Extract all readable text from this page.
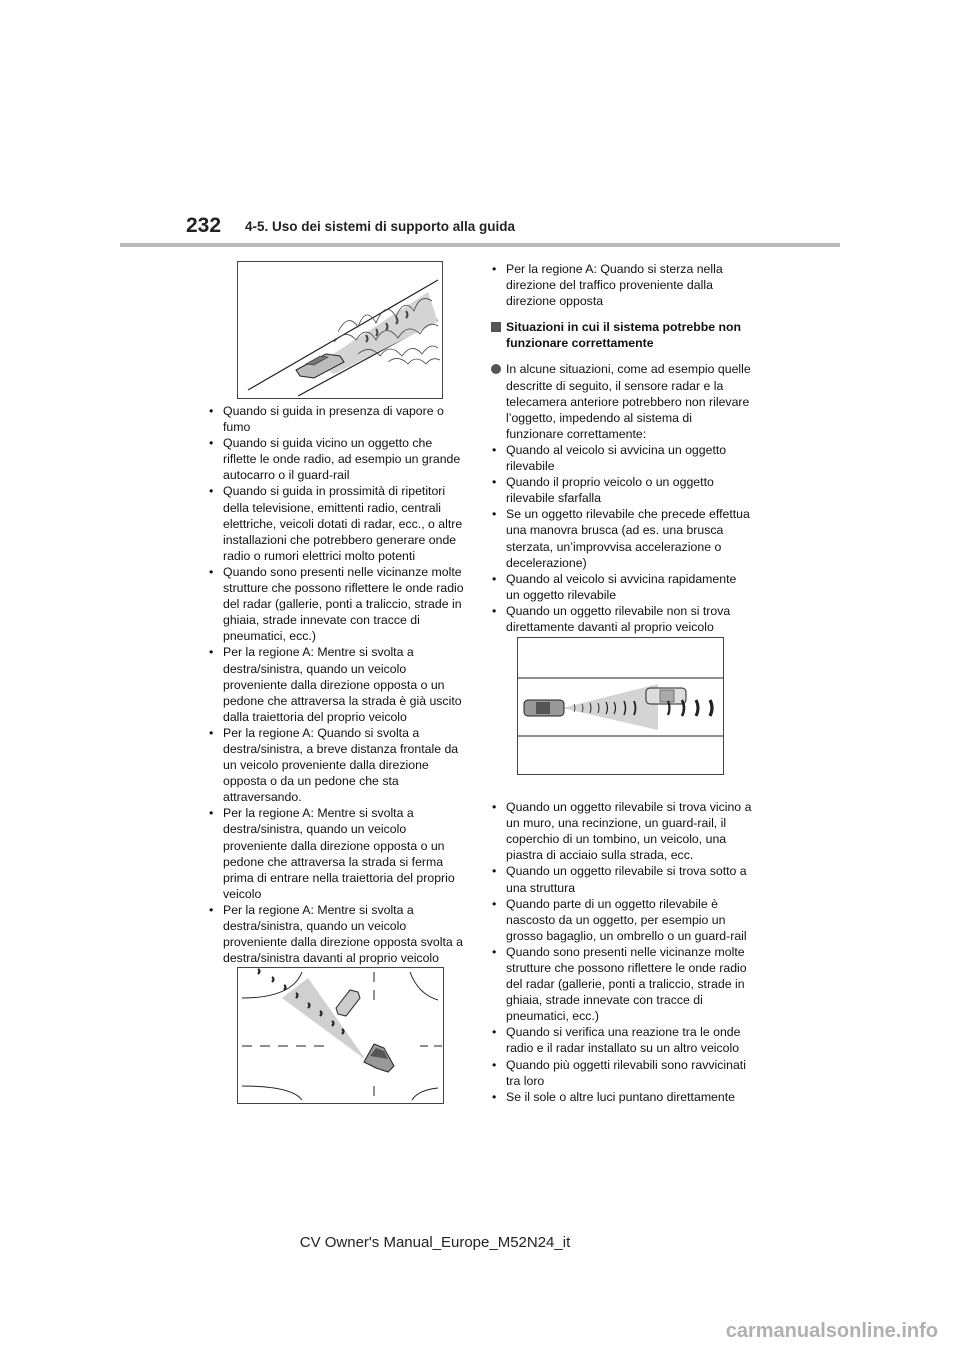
232 4-5. Uso dei sistemi di supporto alla guida
• Quando si guida in presenza di vapore o fumo
• Quando si guida vicino un oggetto che riflette le onde radio, ad esempio un grande autocarro o il guard-rail
• Quando si guida in prossimità di ripetitori della televisione, emittenti radio, centrali elettriche, veicoli dotati di radar, ecc., o altre installazioni che potrebbero generare onde radio o rumori elettrici molto potenti
• Quando sono presenti nelle vicinanze molte strutture che possono riflettere le onde radio del radar (gallerie, ponti a traliccio, strade in ghiaia, strade innevate con tracce di pneumatici, ecc.)
• Per la regione A: Mentre si svolta a destra/sinistra, quando un veicolo proveniente dalla direzione opposta o un pedone che attraversa la strada è già uscito dalla traiettoria del proprio veicolo
• Per la regione A: Quando si svolta a destra/sinistra, a breve distanza frontale da un veicolo proveniente dalla direzione opposta o da un pedone che sta attraversando.
• Per la regione A: Mentre si svolta a destra/sinistra, quando un veicolo proveniente dalla direzione opposta o un pedone che attraversa la strada si ferma prima di entrare nella traiettoria del proprio veicolo
• Per la regione A: Mentre si svolta a destra/sinistra, quando un veicolo proveniente dalla direzione opposta svolta a destra/sinistra davanti al proprio veicolo
• Per la regione A: Quando si sterza nella direzione del traffico proveniente dalla direzione opposta
Situazioni in cui il sistema potrebbe non funzionare correttamente
In alcune situazioni, come ad esempio quelle descritte di seguito, il sensore radar e la telecamera anteriore potrebbero non rilevare l’oggetto, impedendo al sistema di funzionare correttamente:
• Quando al veicolo si avvicina un oggetto rilevabile
• Quando il proprio veicolo o un oggetto rilevabile sfarfalla
• Se un oggetto rilevabile che precede effettua una manovra brusca (ad es. una brusca sterzata, un’improvvisa accelerazione o decelerazione)
• Quando al veicolo si avvicina rapidamente un oggetto rilevabile
• Quando un oggetto rilevabile non si trova direttamente davanti al proprio veicolo
• Quando un oggetto rilevabile si trova vicino a un muro, una recinzione, un guard-rail, il coperchio di un tombino, un veicolo, una piastra di acciaio sulla strada, ecc.
• Quando un oggetto rilevabile si trova sotto a una struttura
• Quando parte di un oggetto rilevabile è nascosto da un oggetto, per esempio un grosso bagaglio, un ombrello o un guard-rail
• Quando sono presenti nelle vicinanze molte strutture che possono riflettere le onde radio del radar (gallerie, ponti a traliccio, strade in ghiaia, strade innevate con tracce di pneumatici, ecc.)
• Quando si verifica una reazione tra le onde radio e il radar installato su un altro veicolo
• Quando più oggetti rilevabili sono ravvicinati tra loro
• Se il sole o altre luci puntano direttamente
CV Owner's Manual_Europe_M52N24_it
carmanualsonline.info
